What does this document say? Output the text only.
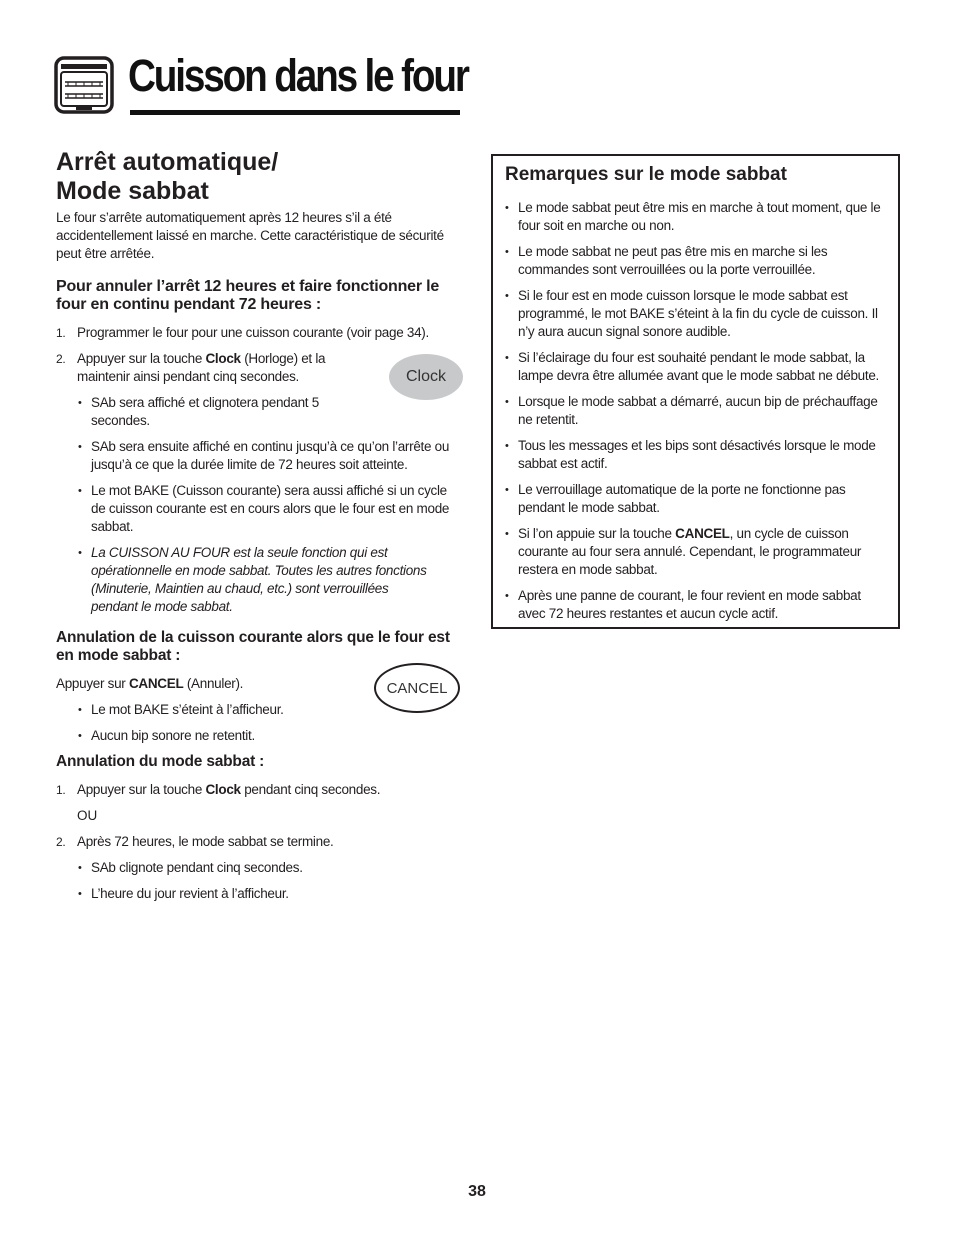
Cuisson dans le four
Arrêt automatique/
Mode sabbat

Le four s’arrête automatiquement après 12 heures s’il a été accidentellement laissé en marche. Cette caractéristique de sécurité peut être arrêtée.

Pour annuler l’arrêt 12 heures et faire fonctionner le four en continu pendant 72 heures :
1. Programmer le four pour une cuisson courante (voir page 34).
2. Appuyer sur la touche Clock (Horloge) et la maintenir ainsi pendant cinq secondes.
• SAb sera affiché et clignotera pendant 5 secondes.
• SAb sera ensuite affiché en continu jusqu’à ce qu’on l’arrête ou jusqu’à ce que la durée limite de 72 heures soit atteinte.
• Le mot BAKE (Cuisson courante) sera aussi affiché si un cycle de cuisson courante est en cours alors que le four est en mode sabbat.
• La CUISSON AU FOUR est la seule fonction qui est opérationnelle en mode sabbat. Toutes les autres fonctions (Minuterie, Maintien au chaud, etc.) sont verrouillées pendant le mode sabbat.
Annulation de la cuisson courante alors que le four est en mode sabbat :

Appuyer sur CANCEL (Annuler).

• Le mot BAKE s’éteint à l’afficheur.
• Aucun bip sonore ne retentit.
Annulation du mode sabbat :
1. Appuyer sur la touche Clock pendant cinq secondes.

OU

2. Après 72 heures, le mode sabbat se termine.
• SAb clignote pendant cinq secondes.
• L’heure du jour revient à l’afficheur.
Clock
CANCEL
Remarques sur le mode sabbat
• Le mode sabbat peut être mis en marche à tout moment, que le four soit en marche ou non.
• Le mode sabbat ne peut pas être mis en marche si les commandes sont verrouillées ou la porte verrouillée.
• Si le four est en mode cuisson lorsque le mode sabbat est programmé, le mot BAKE s’éteint à la fin du cycle de cuisson. Il n’y aura aucun signal sonore audible.
• Si l’éclairage du four est souhaité pendant le mode sabbat, la lampe devra être allumée avant que le mode sabbat ne débute.
• Lorsque le mode sabbat a démarré, aucun bip de préchauffage ne retentit.
• Tous les messages et les bips sont désactivés lorsque le mode sabbat est actif.
• Le verrouillage automatique de la porte ne fonctionne pas pendant le mode sabbat.
• Si l’on appuie sur la touche CANCEL, un cycle de cuisson courante au four sera annulé. Cependant, le programmateur restera en mode sabbat.
• Après une panne de courant, le four revient en mode sabbat avec 72 heures restantes et aucun cycle actif.
38
